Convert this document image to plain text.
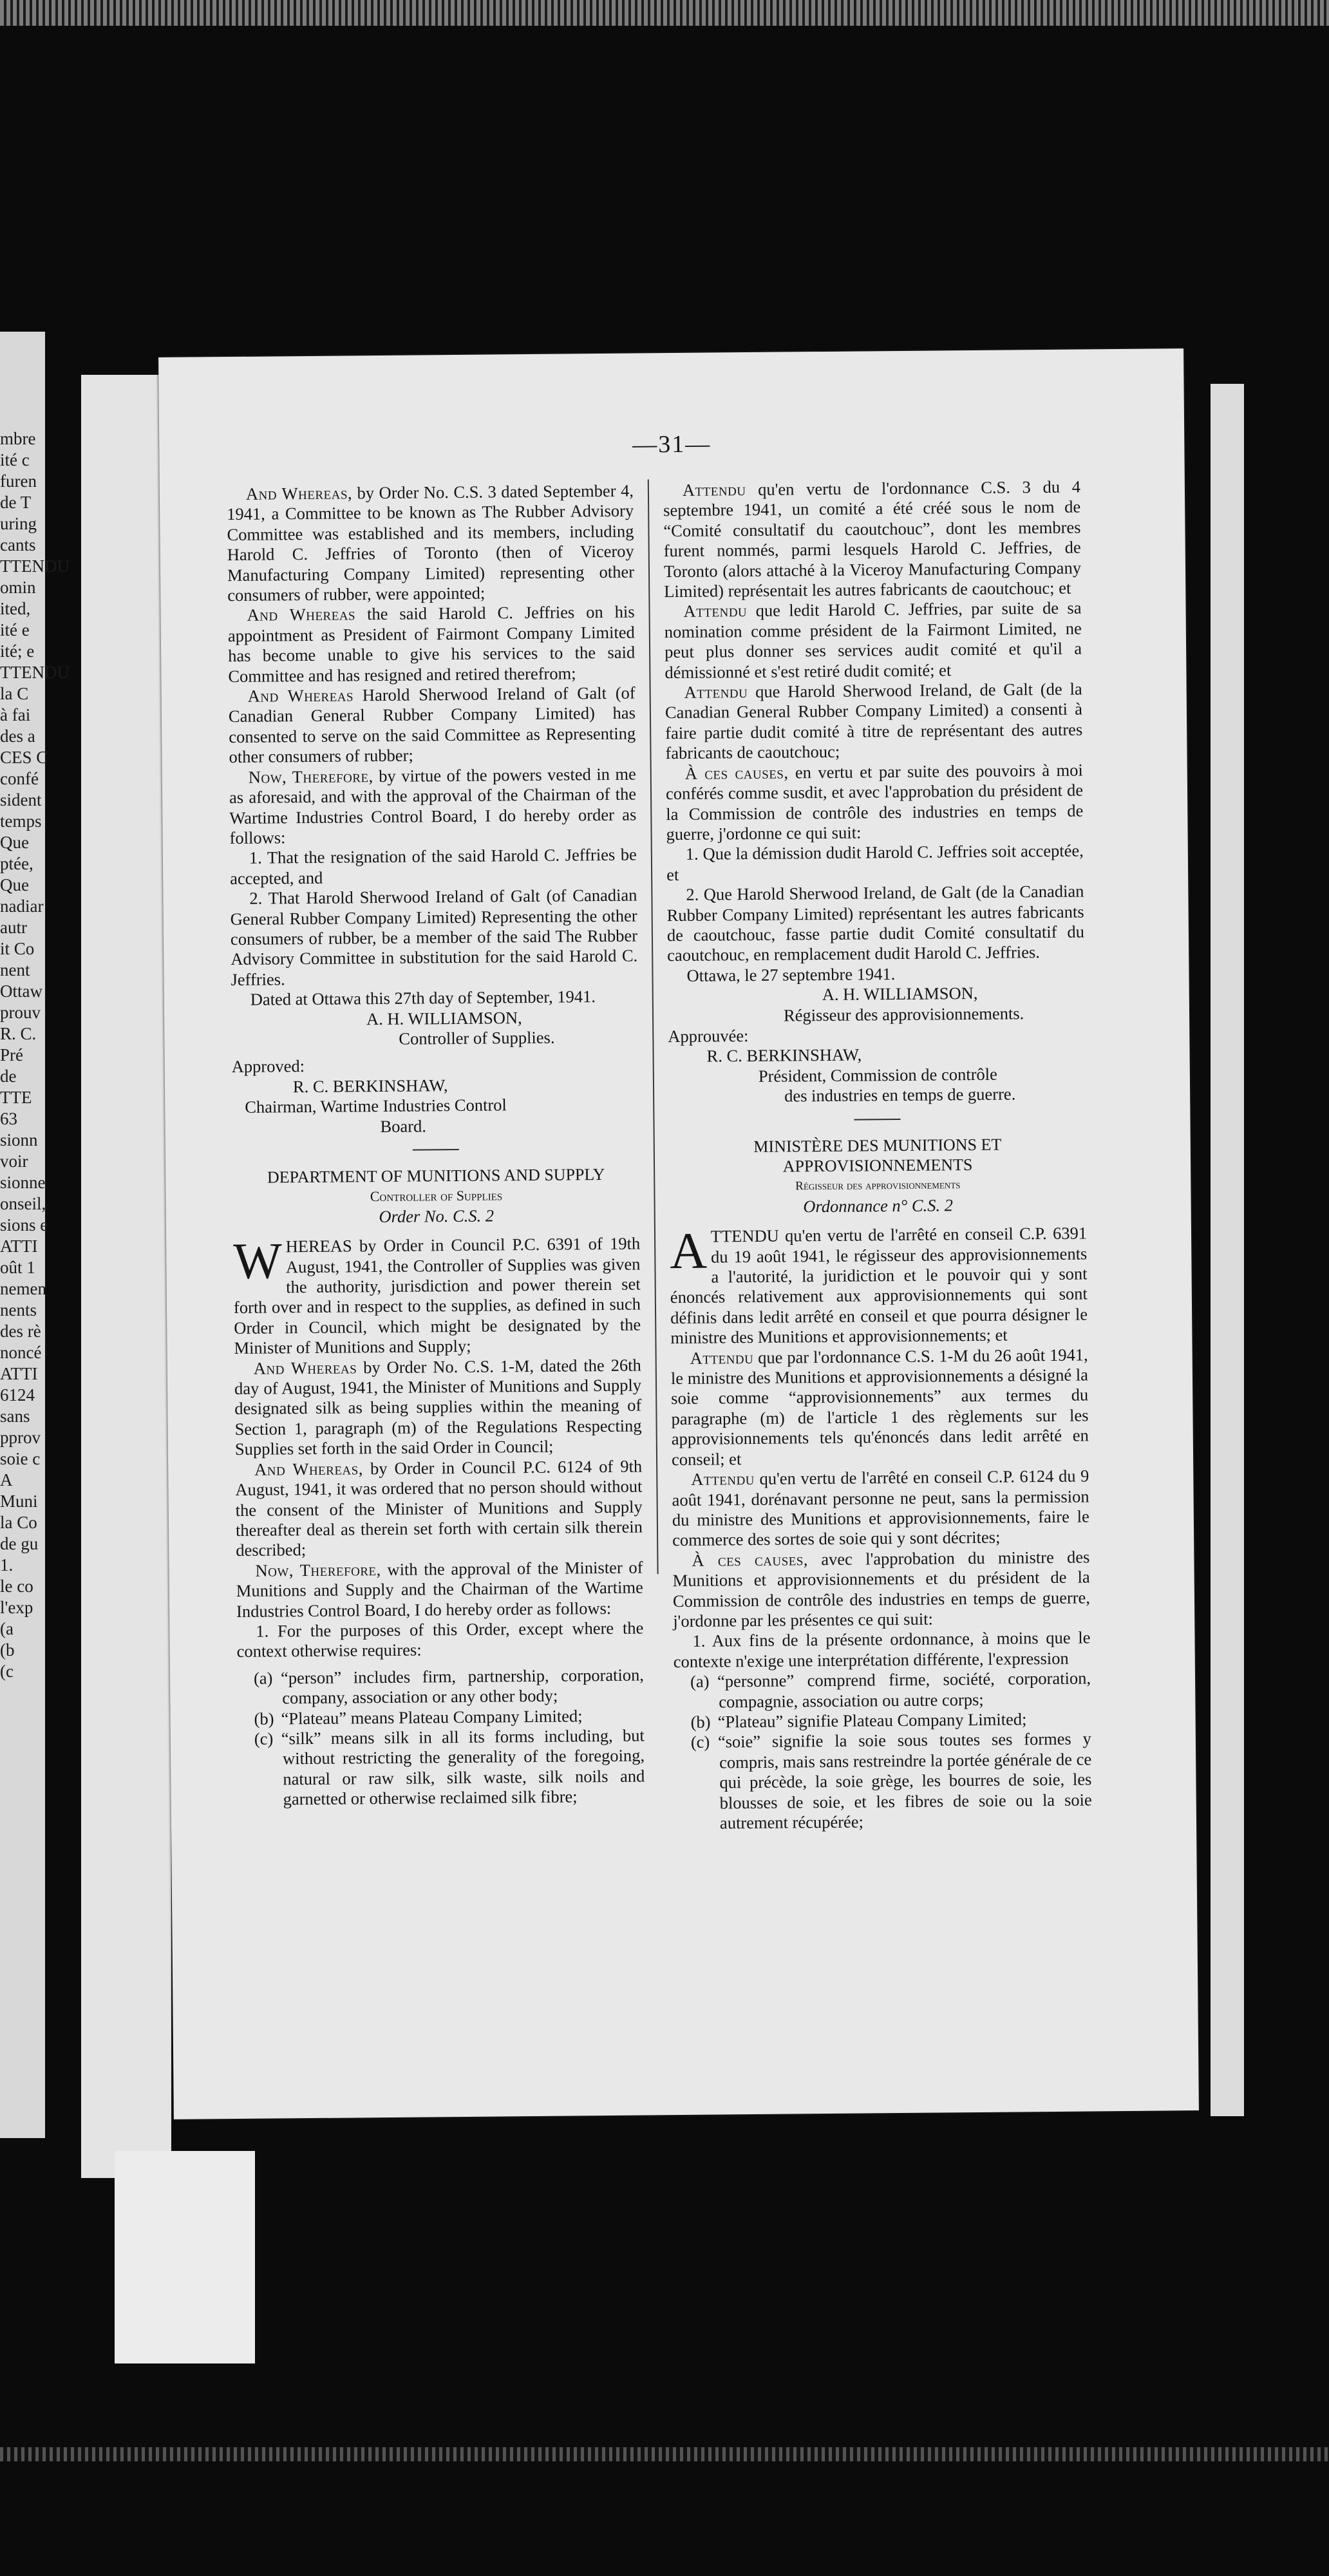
mbre
ité c
furen
de T
uring
cants
TTENDU
omin
ited,
ité e
ité; e
TTENDU
la C
à fai
des a
CES C
confé
sident
temps
Que
ptée,
Que
nadiar
autr
it Co
nent
Ottaw
prouv
R. C.
Pré
de
TTE
63
sionn
voir
sionne
onseil,
sions e
ATTI
oût 1
nemen
nents
des rè
noncé
ATTI
6124
sans
pprov
soie c
A
Muni
la Co
de gu
1.
le co
l'exp
(a
(b
(c
—31—

And Whereas, by Order No. C.S. 3 dated September 4, 1941, a Committee to be known as The Rubber Advisory Committee was established and its members, including Harold C. Jeffries of Toronto (then of Viceroy Manufacturing Company Limited) representing other consumers of rubber, were appointed;

And Whereas the said Harold C. Jeffries on his appointment as President of Fairmont Company Limited has become unable to give his services to the said Committee and has resigned and retired therefrom;

And Whereas Harold Sherwood Ireland of Galt (of Canadian General Rubber Company Limited) has consented to serve on the said Committee as Representing other consumers of rubber;

Now, Therefore, by virtue of the powers vested in me as aforesaid, and with the approval of the Chairman of the Wartime Industries Control Board, I do hereby order as follows:

1. That the resignation of the said Harold C. Jeffries be accepted, and

2. That Harold Sherwood Ireland of Galt (of Canadian General Rubber Company Limited) Representing the other consumers of rubber, be a member of the said The Rubber Advisory Committee in substitution for the said Harold C. Jeffries.

Dated at Ottawa this 27th day of September, 1941.

A. H. WILLIAMSON,

Controller of Supplies.

Approved:

R. C. BERKINSHAW,

Chairman, Wartime Industries Control

Board.

DEPARTMENT OF MUNITIONS AND SUPPLY

Controller of Supplies

Order No. C.S. 2

WHEREAS by Order in Council P.C. 6391 of 19th August, 1941, the Controller of Supplies was given the authority, jurisdiction and power therein set forth over and in respect to the supplies, as defined in such Order in Council, which might be designated by the Minister of Munitions and Supply;

And Whereas by Order No. C.S. 1-M, dated the 26th day of August, 1941, the Minister of Munitions and Supply designated silk as being supplies within the meaning of Section 1, paragraph (m) of the Regulations Respecting Supplies set forth in the said Order in Council;

And Whereas, by Order in Council P.C. 6124 of 9th August, 1941, it was ordered that no person should without the consent of the Minister of Munitions and Supply thereafter deal as therein set forth with certain silk therein described;

Now, Therefore, with the approval of the Minister of Munitions and Supply and the Chairman of the Wartime Industries Control Board, I do hereby order as follows:

1. For the purposes of this Order, except where the context otherwise requires:

(a) “person” includes firm, partnership, corporation, company, association or any other body;

(b) “Plateau” means Plateau Company Limited;

(c) “silk” means silk in all its forms including, but without restricting the generality of the foregoing, natural or raw silk, silk waste, silk noils and garnetted or otherwise reclaimed silk fibre;

Attendu qu'en vertu de l'ordonnance C.S. 3 du 4 septembre 1941, un comité a été créé sous le nom de “Comité consultatif du caoutchouc”, dont les membres furent nommés, parmi lesquels Harold C. Jeffries, de Toronto (alors attaché à la Viceroy Manufacturing Company Limited) représentait les autres fabricants de caoutchouc; et

Attendu que ledit Harold C. Jeffries, par suite de sa nomination comme président de la Fairmont Limited, ne peut plus donner ses services audit comité et qu'il a démissionné et s'est retiré dudit comité; et

Attendu que Harold Sherwood Ireland, de Galt (de la Canadian General Rubber Company Limited) a consenti à faire partie dudit comité à titre de représentant des autres fabricants de caoutchouc;

À ces causes, en vertu et par suite des pouvoirs à moi conférés comme susdit, et avec l'approbation du président de la Commission de contrôle des industries en temps de guerre, j'ordonne ce qui suit:

1. Que la démission dudit Harold C. Jeffries soit acceptée, et

2. Que Harold Sherwood Ireland, de Galt (de la Canadian Rubber Company Limited) représentant les autres fabricants de caoutchouc, fasse partie dudit Comité consultatif du caoutchouc, en remplacement dudit Harold C. Jeffries.

Ottawa, le 27 septembre 1941.

A. H. WILLIAMSON,

Régisseur des approvisionnements.

Approuvée:

R. C. BERKINSHAW,

Président, Commission de contrôle

des industries en temps de guerre.

MINISTÈRE DES MUNITIONS ET

APPROVISIONNEMENTS

Régisseur des approvisionnements

Ordonnance n° C.S. 2

ATTENDU qu'en vertu de l'arrêté en conseil C.P. 6391 du 19 août 1941, le régisseur des approvisionnements a l'autorité, la juridiction et le pouvoir qui y sont énoncés relativement aux approvisionnements qui sont définis dans ledit arrêté en conseil et que pourra désigner le ministre des Munitions et approvisionnements; et

Attendu que par l'ordonnance C.S. 1-M du 26 août 1941, le ministre des Munitions et approvisionnements a désigné la soie comme “approvisionnements” aux termes du paragraphe (m) de l'article 1 des règlements sur les approvisionnements tels qu'énoncés dans ledit arrêté en conseil; et

Attendu qu'en vertu de l'arrêté en conseil C.P. 6124 du 9 août 1941, dorénavant personne ne peut, sans la permission du ministre des Munitions et approvisionnements, faire le commerce des sortes de soie qui y sont décrites;

À ces causes, avec l'approbation du ministre des Munitions et approvisionnements et du président de la Commission de contrôle des industries en temps de guerre, j'ordonne par les présentes ce qui suit:

1. Aux fins de la présente ordonnance, à moins que le contexte n'exige une interprétation différente, l'expression

(a) “personne” comprend firme, société, corporation, compagnie, association ou autre corps;

(b) “Plateau” signifie Plateau Company Limited;

(c) “soie” signifie la soie sous toutes ses formes y compris, mais sans restreindre la portée générale de ce qui précède, la soie grège, les bourres de soie, les blousses de soie, et les fibres de soie ou la soie autrement récupérée;
